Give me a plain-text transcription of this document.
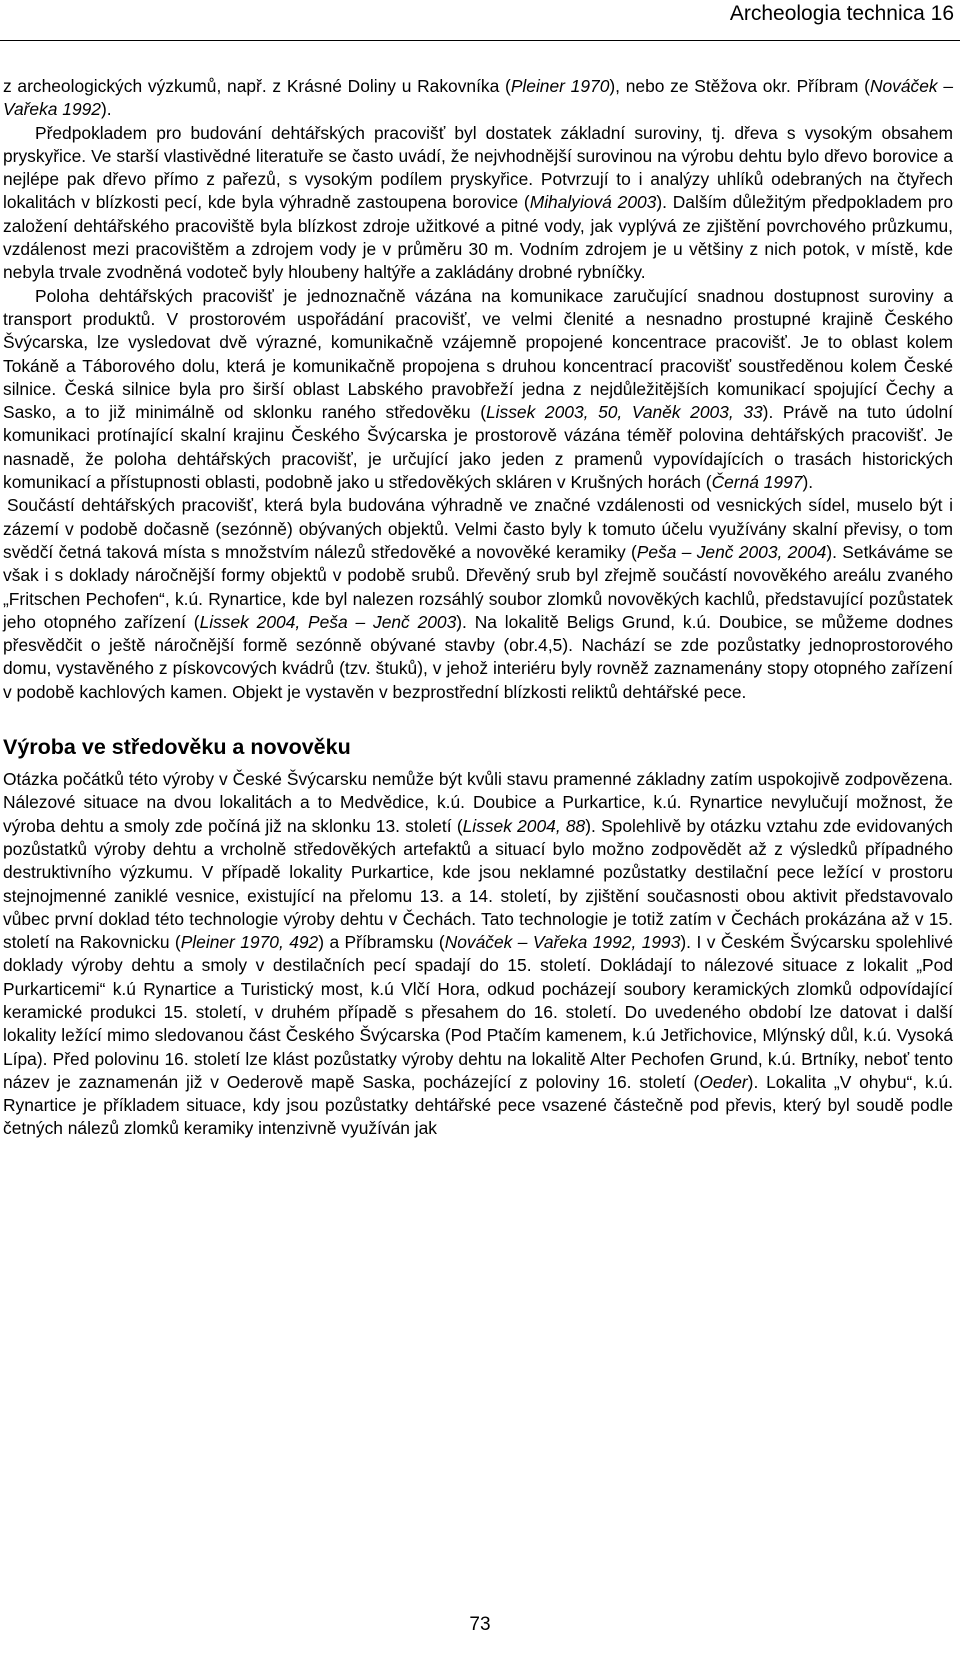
Archeologia technica 16

z archeologických výzkumů, např. z Krásné Doliny u Rakovníka (Pleiner 1970), nebo ze Stěžova okr. Příbram (Nováček – Vařeka 1992).

Předpokladem pro budování dehtářských pracovišť byl dostatek základní suroviny, tj. dřeva s vysokým obsahem pryskyřice. Ve starší vlastivědné literatuře se často uvádí, že nejvhodnější surovinou na výrobu dehtu bylo dřevo borovice a nejlépe pak dřevo přímo z pařezů, s vysokým podílem pryskyřice. Potvrzují to i analýzy uhlíků odebraných na čtyřech lokalitách v blízkosti pecí, kde byla výhradně zastoupena borovice (Mihalyiová 2003). Dalším důležitým předpokladem pro založení dehtářského pracoviště byla blízkost zdroje užitkové a pitné vody, jak vyplývá ze zjištění povrchového průzkumu, vzdálenost mezi pracovištěm a zdrojem vody je v průměru 30 m. Vodním zdrojem je u většiny z nich potok, v místě, kde nebyla trvale zvodněná vodoteč byly hloubeny haltýře a zakládány drobné rybníčky.

Poloha dehtářských pracovišť je jednoznačně vázána na komunikace zaručující snadnou dostupnost suroviny a transport produktů. V prostorovém uspořádání pracovišť, ve velmi členité a nesnadno prostupné krajině Českého Švýcarska, lze vysledovat dvě výrazné, komunikačně vzájemně propojené koncentrace pracovišť. Je to oblast kolem Tokáně a Táborového dolu, která je komunikačně propojena s druhou koncentrací pracovišť soustředěnou kolem České silnice. Česká silnice byla pro širší oblast Labského pravobřeží jedna z nejdůležitějších komunikací spojující Čechy a Sasko, a to již minimálně od sklonku raného středověku (Lissek 2003, 50, Vaněk 2003, 33). Právě na tuto údolní komunikaci protínající skalní krajinu Českého Švýcarska je prostorově vázána téměř polovina dehtářských pracovišť. Je nasnadě, že poloha dehtářských pracovišť, je určující jako jeden z pramenů vypovídajících o trasách historických komunikací a přístupnosti oblasti, podobně jako u středověkých skláren v Krušných horách (Černá 1997).

Součástí dehtářských pracovišť, která byla budována výhradně ve značné vzdálenosti od vesnických sídel, muselo být i zázemí v podobě dočasně (sezónně) obývaných objektů. Velmi často byly k tomuto účelu využívány skalní převisy, o tom svědčí četná taková místa s množstvím nálezů středověké a novověké keramiky (Peša – Jenč 2003, 2004). Setkáváme se však i s doklady náročnější formy objektů v podobě srubů. Dřevěný srub byl zřejmě součástí novověkého areálu zvaného „Fritschen Pechofen“, k.ú. Rynartice, kde byl nalezen rozsáhlý soubor zlomků novověkých kachlů, představující pozůstatek jeho otopného zařízení (Lissek 2004, Peša – Jenč 2003). Na lokalitě Beligs Grund, k.ú. Doubice, se můžeme dodnes přesvědčit o ještě náročnější formě sezónně obývané stavby (obr.4,5). Nachází se zde pozůstatky jednoprostorového domu, vystavěného z pískovcových kvádrů (tzv. štuků), v jehož interiéru byly rovněž zaznamenány stopy otopného zařízení v podobě kachlových kamen. Objekt je vystavěn v bezprostřední blízkosti reliktů dehtářské pece.

Výroba ve středověku a novověku

Otázka počátků této výroby v České Švýcarsku nemůže být kvůli stavu pramenné základny zatím uspokojivě zodpovězena. Nálezové situace na dvou lokalitách a to Medvědice, k.ú. Doubice a Purkartice, k.ú. Rynartice nevylučují možnost, že výroba dehtu a smoly zde počíná již na sklonku 13. století (Lissek 2004, 88). Spolehlivě by otázku vztahu zde evidovaných pozůstatků výroby dehtu a vrcholně středověkých artefaktů a situací bylo možno zodpovědět až z výsledků případného destruktivního výzkumu. V případě lokality Purkartice, kde jsou neklamné pozůstatky destilační pece ležící v prostoru stejnojmenné zaniklé vesnice, existující na přelomu 13. a 14. století, by zjištění současnosti obou aktivit představovalo vůbec první doklad této technologie výroby dehtu v Čechách. Tato technologie je totiž zatím v Čechách prokázána až v 15. století na Rakovnicku (Pleiner 1970, 492) a Příbramsku (Nováček – Vařeka 1992, 1993). I v Českém Švýcarsku spolehlivé doklady výroby dehtu a smoly v destilačních pecí spadají do 15. století. Dokládají to nálezové situace z lokalit „Pod Purkarticemi“ k.ú Rynartice a Turistický most, k.ú Vlčí Hora, odkud pocházejí soubory keramických zlomků odpovídající keramické produkci 15. století, v druhém případě s přesahem do 16. století. Do uvedeného období lze datovat i další lokality ležící mimo sledovanou část Českého Švýcarska (Pod Ptačím kamenem, k.ú Jetřichovice, Mlýnský důl, k.ú. Vysoká Lípa). Před polovinu 16. století lze klást pozůstatky výroby dehtu na lokalitě Alter Pechofen Grund, k.ú. Brtníky, neboť tento název je zaznamenán již v Oederově mapě Saska, pocházející z poloviny 16. století (Oeder). Lokalita „V ohybu“, k.ú. Rynartice je příkladem situace, kdy jsou pozůstatky dehtářské pece vsazené částečně pod převis, který byl soudě podle četných nálezů zlomků keramiky intenzivně využíván jak

73
